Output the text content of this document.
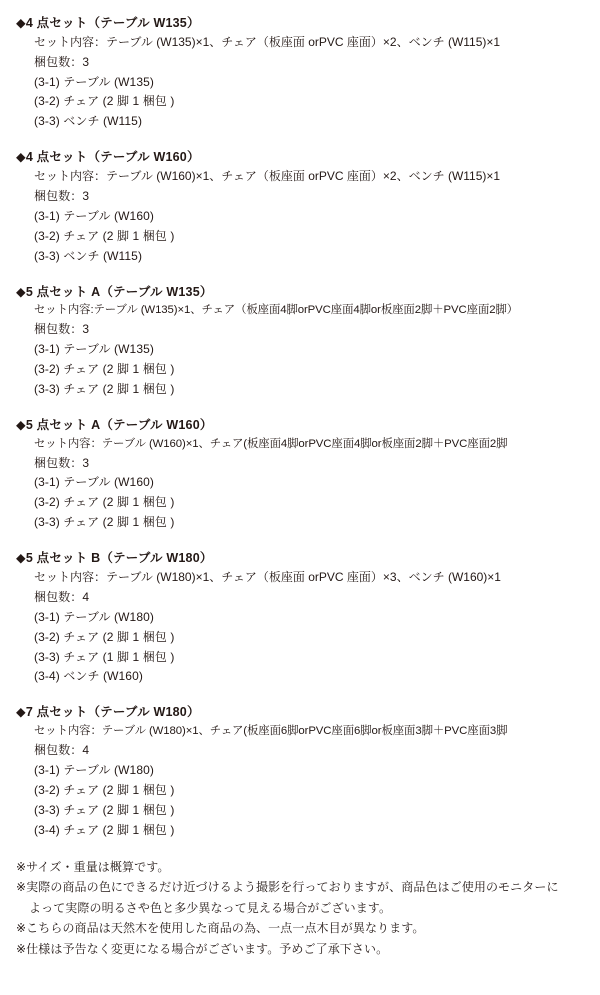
◆4 点セット（テーブル W135）
セット内容：テーブル (W135)×1、チェア（板座面 orPVC 座面）×2、ベンチ (W115)×1
梱包数：3
(3-1) テーブル (W135)
(3-2) チェア (2 脚 1 梱包 )
(3-3) ベンチ (W115)
◆4 点セット（テーブル W160）
セット内容：テーブル (W160)×1、チェア（板座面 orPVC 座面）×2、ベンチ (W115)×1
梱包数：3
(3-1) テーブル (W160)
(3-2) チェア (2 脚 1 梱包 )
(3-3) ベンチ (W115)
◆5 点セット A（テーブル W135）
セット内容:テーブル (W135)×1、チェア（板座面4脚orPVC座面4脚or板座面2脚＋PVC座面2脚）
梱包数：3
(3-1) テーブル (W135)
(3-2) チェア (2 脚 1 梱包 )
(3-3) チェア (2 脚 1 梱包 )
◆5 点セット A（テーブル W160）
セット内容：テーブル (W160)×1、チェア(板座面4脚orPVC座面4脚or板座面2脚＋PVC座面2脚
梱包数：3
(3-1) テーブル (W160)
(3-2) チェア (2 脚 1 梱包 )
(3-3) チェア (2 脚 1 梱包 )
◆5 点セット B（テーブル W180）
セット内容：テーブル (W180)×1、チェア（板座面 orPVC 座面）×3、ベンチ (W160)×1
梱包数：4
(3-1) テーブル (W180)
(3-2) チェア (2 脚 1 梱包 )
(3-3) チェア (1 脚 1 梱包 )
(3-4) ベンチ (W160)
◆7 点セット（テーブル W180）
セット内容：テーブル (W180)×1、チェア(板座面6脚orPVC座面6脚or板座面3脚＋PVC座面3脚
梱包数：4
(3-1) テーブル (W180)
(3-2) チェア (2 脚 1 梱包 )
(3-3) チェア (2 脚 1 梱包 )
(3-4) チェア (2 脚 1 梱包 )
※サイズ・重量は概算です。
※実際の商品の色にできるだけ近づけるよう撮影を行っておりますが、商品色はご使用のモニターに
よって実際の明るさや色と多少異なって見える場合がございます。
※こちらの商品は天然木を使用した商品の為、一点一点木目が異なります。
※仕様は予告なく変更になる場合がございます。予めご了承下さい。
